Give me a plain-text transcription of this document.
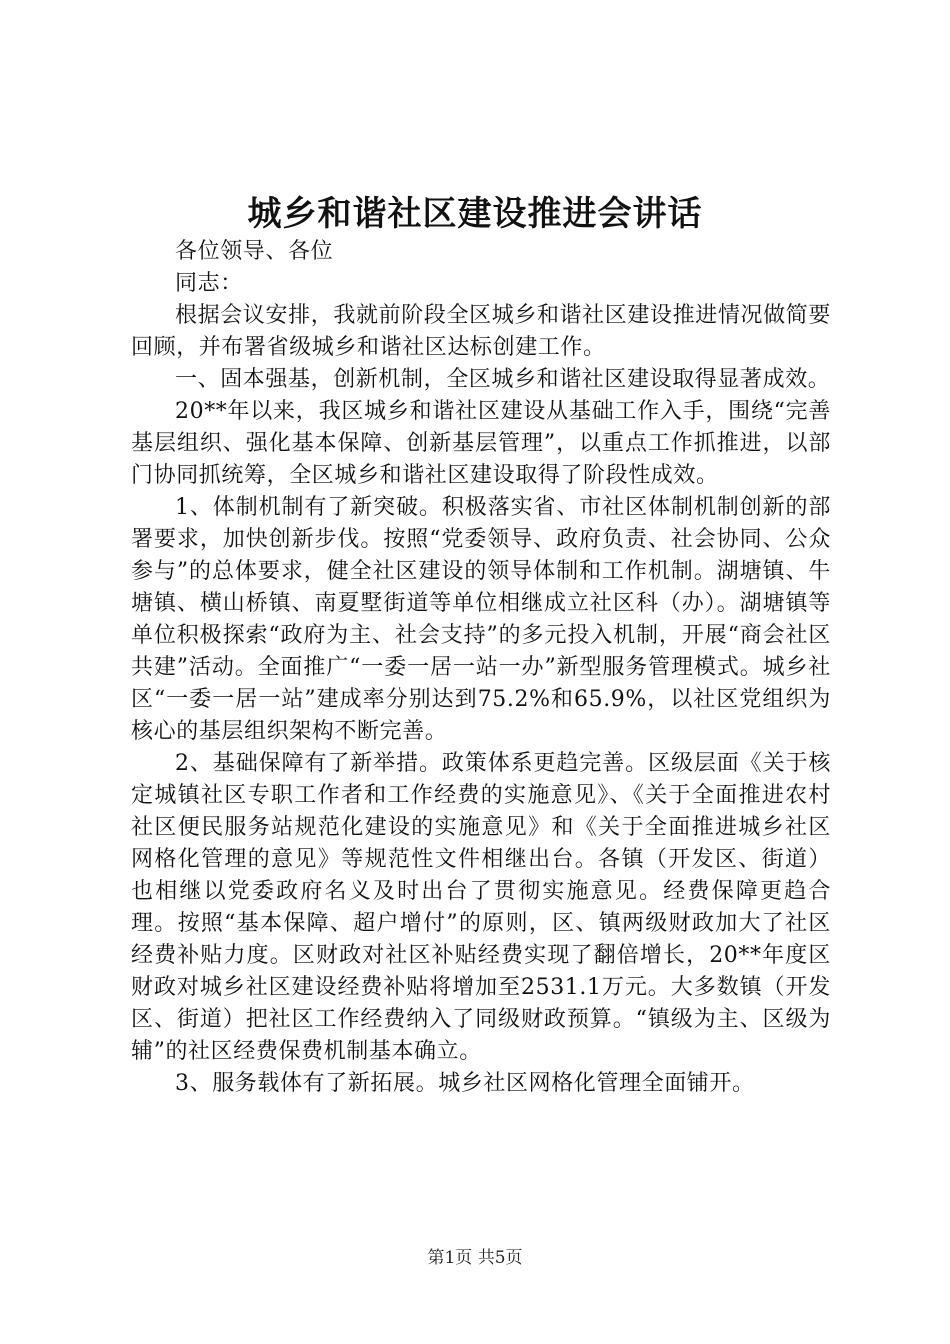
城乡和谐社区建设推进会讲话

各位领导、各位

同志：

根据会议安排，我就前阶段全区城乡和谐社区建设推进情况做简要回顾，并布署省级城乡和谐社区达标创建工作。

一、固本强基，创新机制，全区城乡和谐社区建设取得显著成效。

20**年以来，我区城乡和谐社区建设从基础工作入手，围绕“完善基层组织、强化基本保障、创新基层管理”，以重点工作抓推进，以部门协同抓统筹，全区城乡和谐社区建设取得了阶段性成效。

1、体制机制有了新突破。积极落实省、市社区体制机制创新的部署要求，加快创新步伐。按照“党委领导、政府负责、社会协同、公众参与”的总体要求，健全社区建设的领导体制和工作机制。湖塘镇、牛塘镇、横山桥镇、南夏墅街道等单位相继成立社区科（办）。湖塘镇等单位积极探索“政府为主、社会支持”的多元投入机制，开展“商会社区共建”活动。全面推广“一委一居一站一办”新型服务管理模式。城乡社区“一委一居一站”建成率分别达到75.2%和65.9%，以社区党组织为核心的基层组织架构不断完善。

2、基础保障有了新举措。政策体系更趋完善。区级层面《关于核定城镇社区专职工作者和工作经费的实施意见》、《关于全面推进农村社区便民服务站规范化建设的实施意见》和《关于全面推进城乡社区网格化管理的意见》等规范性文件相继出台。各镇（开发区、街道）也相继以党委政府名义及时出台了贯彻实施意见。经费保障更趋合理。按照“基本保障、超户增付”的原则，区、镇两级财政加大了社区经费补贴力度。区财政对社区补贴经费实现了翻倍增长，20**年度区财政对城乡社区建设经费补贴将增加至2531.1万元。大多数镇（开发区、街道）把社区工作经费纳入了同级财政预算。“镇级为主、区级为辅”的社区经费保费机制基本确立。

3、服务载体有了新拓展。城乡社区网格化管理全面铺开。

第1页 共5页
